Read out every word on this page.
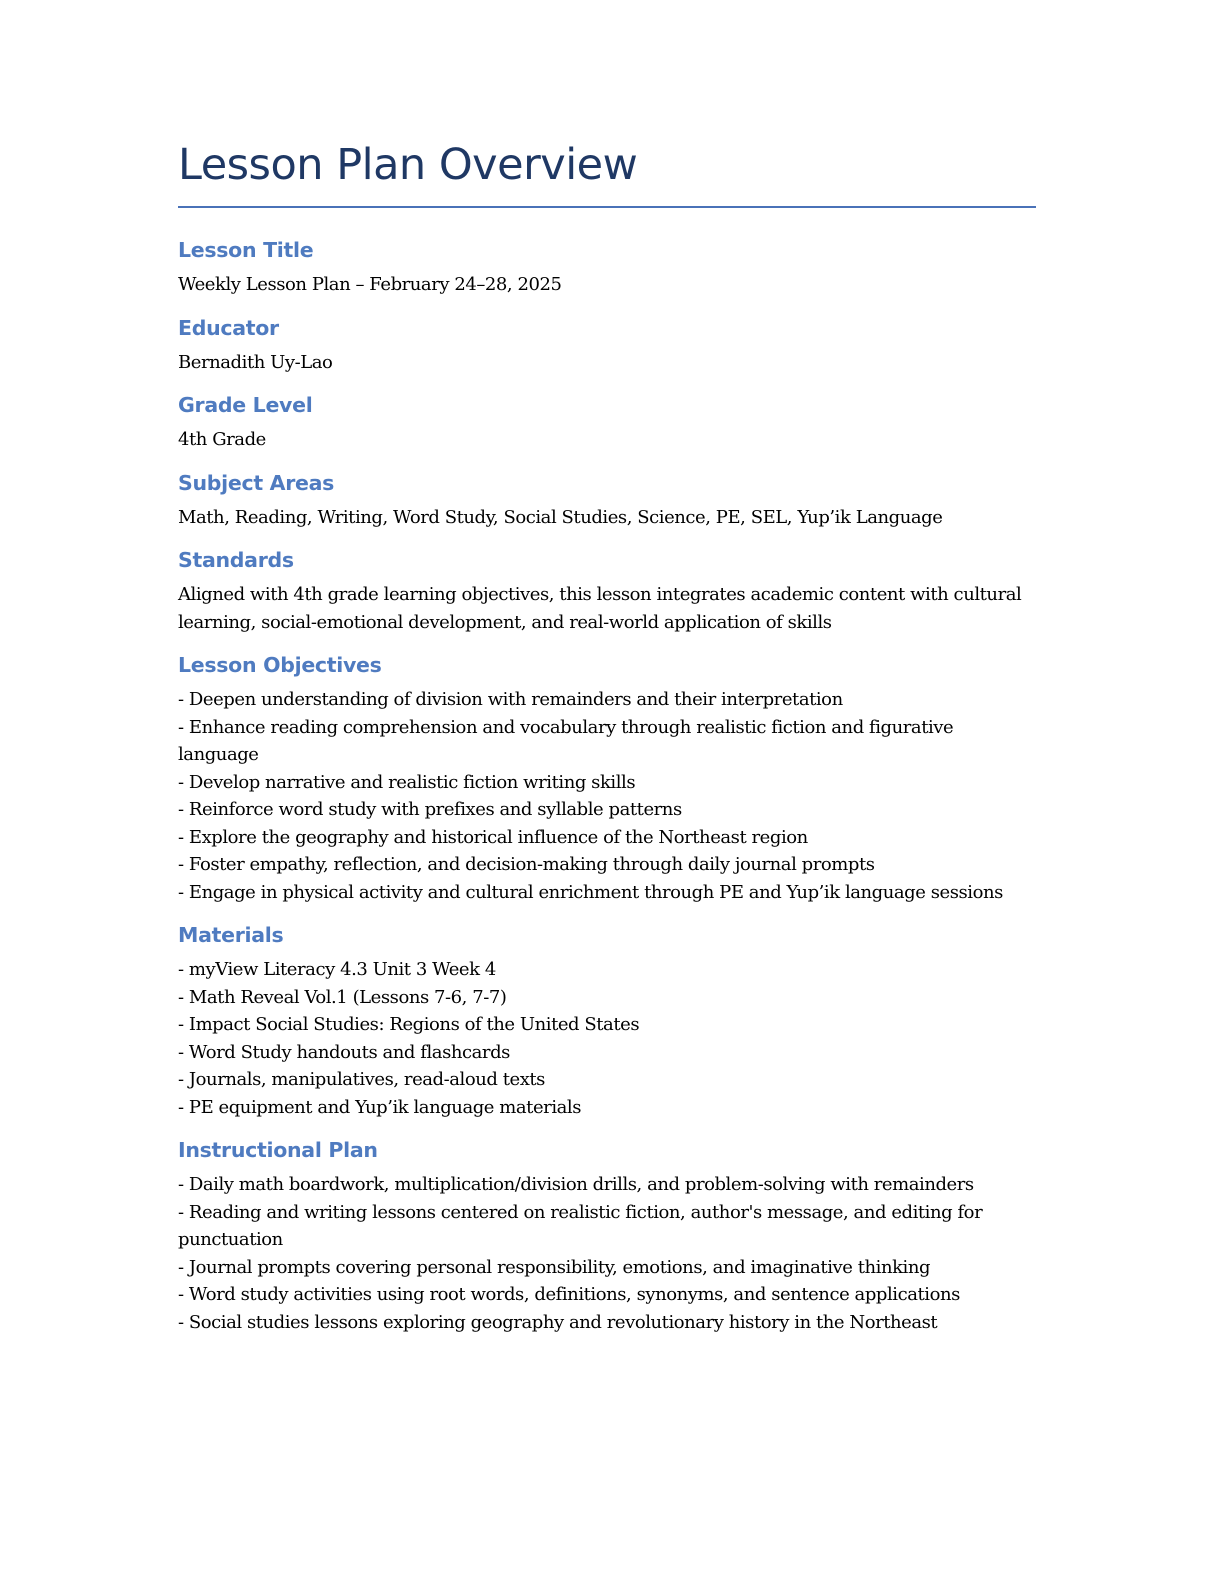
Lesson Plan Overview
Lesson Title

Weekly Lesson Plan – February 24–28, 2025

Educator

Bernadith Uy-Lao

Grade Level

4th Grade

Subject Areas

Math, Reading, Writing, Word Study, Social Studies, Science, PE, SEL, Yup’ik Language

Standards

Aligned with 4th grade learning objectives, this lesson integrates academic content with cultural learning, social-emotional development, and real-world application of skills

Lesson Objectives
- Deepen understanding of division with remainders and their interpretation
- Enhance reading comprehension and vocabulary through realistic fiction and figurative language
- Develop narrative and realistic fiction writing skills
- Reinforce word study with prefixes and syllable patterns
- Explore the geography and historical influence of the Northeast region
- Foster empathy, reflection, and decision-making through daily journal prompts
- Engage in physical activity and cultural enrichment through PE and Yup’ik language sessions
Materials
- myView Literacy 4.3 Unit 3 Week 4
- Math Reveal Vol.1 (Lessons 7-6, 7-7)
- Impact Social Studies: Regions of the United States
- Word Study handouts and flashcards
- Journals, manipulatives, read-aloud texts
- PE equipment and Yup’ik language materials
Instructional Plan
- Daily math boardwork, multiplication/division drills, and problem-solving with remainders
- Reading and writing lessons centered on realistic fiction, author's message, and editing for punctuation
- Journal prompts covering personal responsibility, emotions, and imaginative thinking
- Word study activities using root words, definitions, synonyms, and sentence applications
- Social studies lessons exploring geography and revolutionary history in the Northeast
